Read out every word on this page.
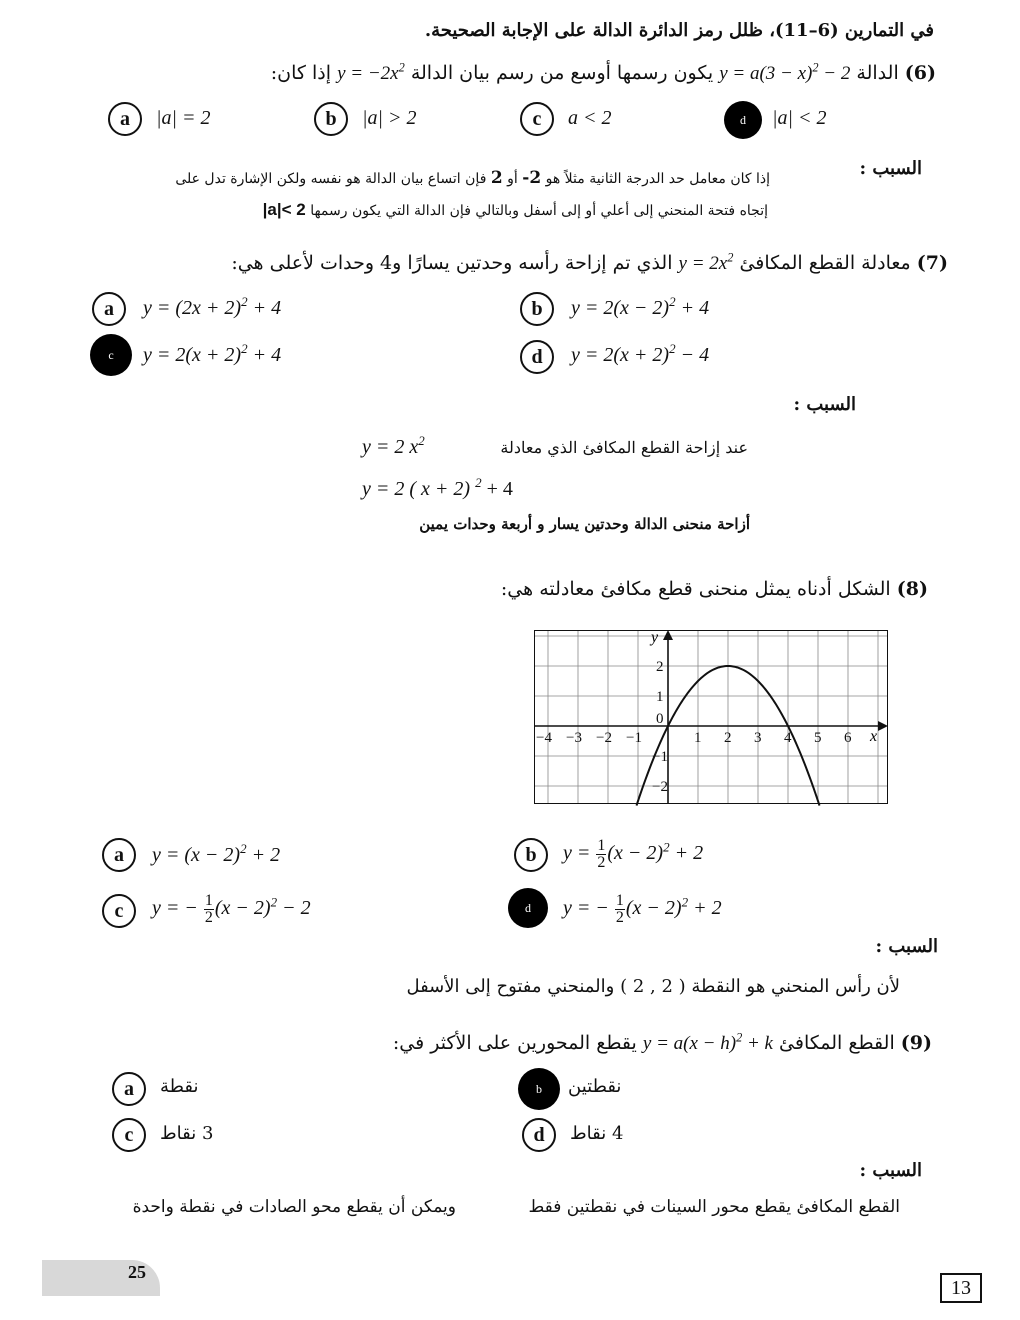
في التمارين (6–11)، ظلل رمز الدائرة الدالة على الإجابة الصحيحة.
(6) الدالة $y = a(3 - x)^2 - 2$ يكون رسمها أوسع من رسم بيان الدالة $y = -2x^2$ إذا كان:
a	|a| = 2	b	|a| > 2	c	a < 2	d	|a| < 2
السبب :
إذا كان معامل حد الدرجة الثانية مثلاً هو 2- أو 2 فإن اتساع بيان الدالة هو نفسه ولكن الإشارة تدل على
إتجاه فتحة المنحني إلى أعلي أو إلى أسفل وبالتالي فإن الدالة التي يكون رسمها |a|< 2
(7) معادلة القطع المكافئ $y = 2x^2$ الذي تم إزاحة رأسه وحدتين يسارًا و4 وحدات لأعلى هي:
a	$y = (2x + 2)^2 + 4$	b	$y = 2(x - 2)^2 + 4$
c	$y = 2(x + 2)^2 + 4$	d	$y = 2(x + 2)^2 - 4$
السبب :
عند إزاحة القطع المكافئ الذي معادلة
y = 2 $x^2$
y = 2 ( x + 2) $^2$ + 4
أزاحة منحنى الدالة وحدتين يسار و أربعة وحدات يمين
(8) الشكل أدناه يمثل منحنى قطع مكافئ معادلته هي:
−4 −3 −2 −1	1 2 3 4 5 6
2
1
0
−1
−2
x
y
a	$y = (x - 2)^2 + 2$	b	$y = \frac{1}{2} (x - 2)^2 + 2$
c	y = − $\frac{1}{2} (x - 2)^2 - 2$	d	y = − $\frac{1}{2} (x - 2)^2 + 2$
السبب :
لأن رأس المنحني هو النقطة ( 2 , 2 ) والمنحني مفتوح إلى الأسفل
(9) القطع المكافئ $y = a(x - h)^2 + k$ يقطع المحورين على الأكثر في:
a	نقطة	b	نقطتين
c	3 نقاط	d	4 نقاط
السبب :
القطع المكافئ يقطع محور السينات في نقطتين فقط
ويمكن أن يقطع محو الصادات في نقطة واحدة
25
13
